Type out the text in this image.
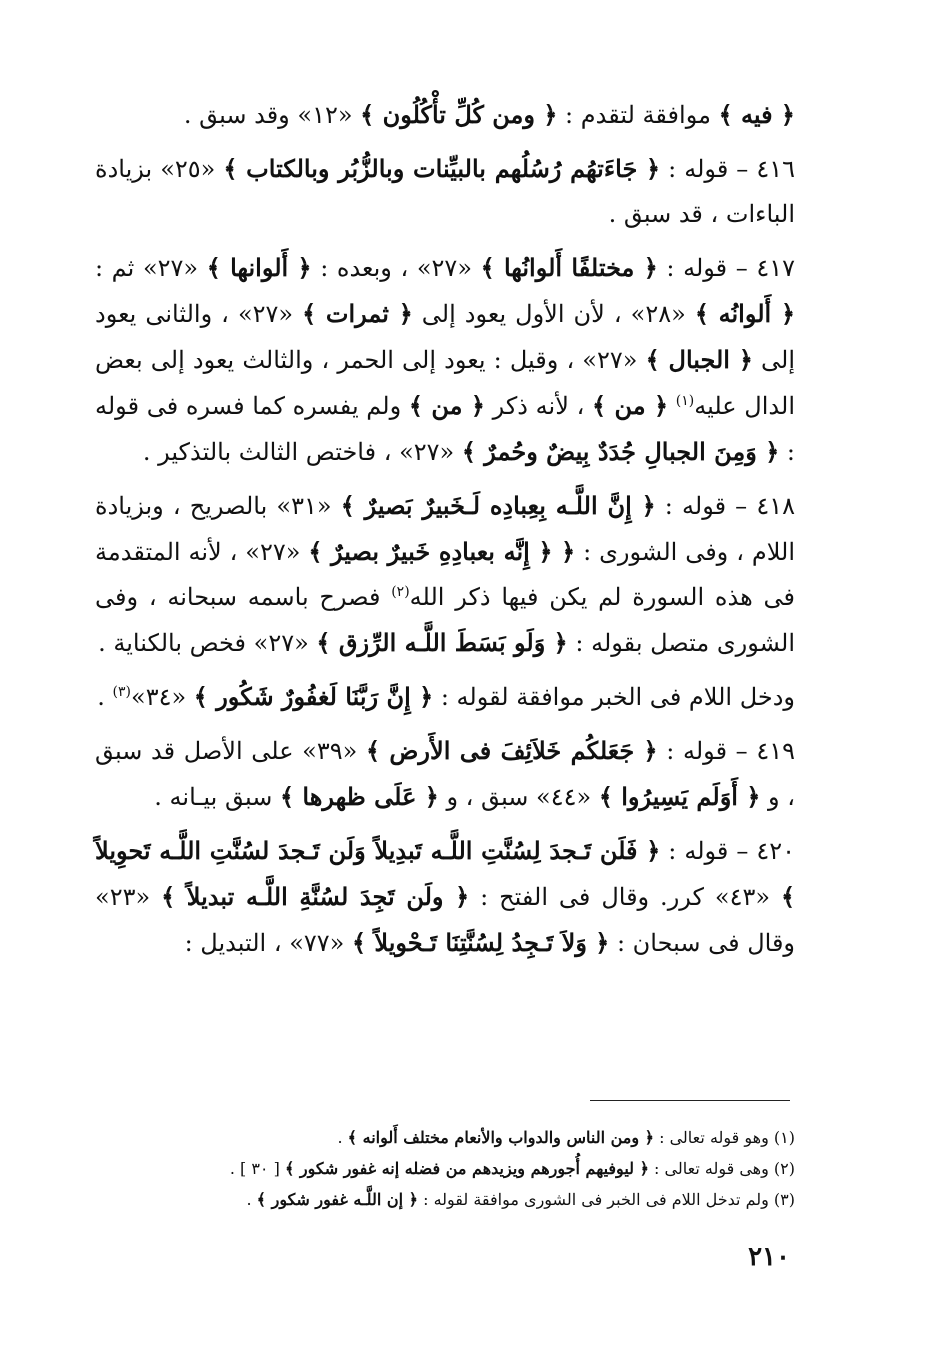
﴿ فيه ﴾ موافقة لتقدم : ﴿ ومن كُلِّ تأْكُلُون ﴾ «١٢» وقد سبق .

٤١٦ – قوله : ﴿ جَاءَتهُم رُسُلُهم بالبيِّنات وبالزُّبُر وبالكتاب ﴾ «٢٥» بزيادة الباءات ، قد سبق .

٤١٧ – قوله : ﴿ مختلفًا أَلوانُها ﴾ «٢٧» ، وبعده : ﴿ أَلوانها ﴾ «٢٧» ثم : ﴿ أَلوانُه ﴾ «٢٨» ، لأن الأول يعود إلى ﴿ ثمرات ﴾ «٢٧» ، والثانى يعود إلى ﴿ الجبال ﴾ «٢٧» ، وقيل : يعود إلى الحمر ، والثالث يعود إلى بعض الدال عليه$^{(١)}$ ﴿ من ﴾ ، لأنه ذكر ﴿ من ﴾ ولم يفسره كما فسره فى قوله : ﴿ وَمِنَ الجبالِ جُدَدٌ بِيضٌ وحُمرٌ ﴾ «٢٧» ، فاختص الثالث بالتذكير .

٤١٨ – قوله : ﴿ إِنَّ اللَّـه بِعِبادِه لَـخَبيرٌ بَصيرٌ ﴾ «٣١» بالصريح ، وبزيادة اللام ، وفى الشورى : ﴿ ﴿ إِنَّه بعبادِهِ خَبيرٌ بصيرٌ ﴾ «٢٧» ، لأنه المتقدمة فى هذه السورة لم يكن فيها ذكر الله$^{(٢)}$ فصرح باسمه سبحانه ، وفى الشورى متصل بقوله : ﴿ وَلَو بَسَطَ اللَّـه الرِّزق ﴾ «٢٧» فخص بالكناية .

ودخل اللام فى الخبر موافقة لقوله : ﴿ إِنَّ رَبَّنَا لَغفُورٌ شَكُور ﴾ «٣٤»$^{(٣)}$ .

٤١٩ – قوله : ﴿ جَعَلكُم خَلاَئِفَ فى الأَرض ﴾ «٣٩» على الأصل قد سبق ، و ﴿ أَوَلَم يَسِيرُوا ﴾ «٤٤» سبق ، و ﴿ عَلَى ظهرها ﴾ سبق بيـانه .

٤٢٠ – قوله : ﴿ فَلَن تَـجدَ لِسُنَّتِ اللَّـه تَبدِيلاً وَلَن تَـجدَ لسُنَّتِ اللَّـه تَحوِيلاً ﴾ «٤٣» كرر. وقال فى الفتح : ﴿ ولَن تَجِدَ لسُنَّةِ اللَّـه تبديلاً ﴾ «٢٣» وقال فى سبحان : ﴿ وَلاَ تَـجِدُ لِسُنَّتِنَا تَـحْويلاً ﴾ «٧٧» ، التبديل :

(١) وهو قوله تعالى : ﴿ ومن الناس والدواب والأنعام مختلف أَلوانه ﴾ .

(٢) وهى قوله تعالى : ﴿ ليوفيهم أُجورهم ويزيدهم من فضله إنه غفور شكور ﴾ [ ٣٠ ] .

(٣) ولم تدخل اللام فى الخبر فى الشورى موافقة لقوله : ﴿ إن اللَّـه غفور شكور ﴾ .

٢١٠
